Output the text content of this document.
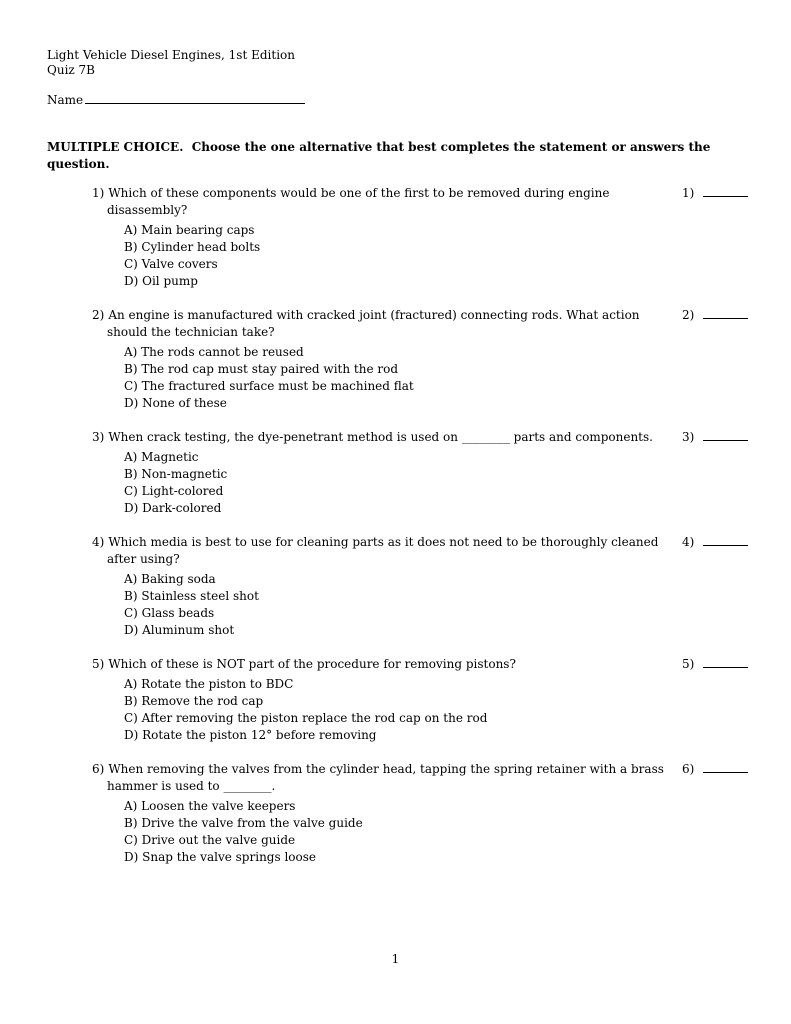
Light Vehicle Diesel Engines, 1st Edition
Quiz 7B
Name
MULTIPLE CHOICE.  Choose the one alternative that best completes the statement or answers the question.
1) Which of these components would be one of the first to be removed during engine disassembly?
A) Main bearing caps
B) Cylinder head bolts
C) Valve covers
D) Oil pump
1)
2) An engine is manufactured with cracked joint (fractured) connecting rods. What action should the technician take?
A) The rods cannot be reused
B) The rod cap must stay paired with the rod
C) The fractured surface must be machined flat
D) None of these
2)
3) When crack testing, the dye-penetrant method is used on ________ parts and components.
A) Magnetic
B) Non-magnetic
C) Light-colored
D) Dark-colored
3)
4) Which media is best to use for cleaning parts as it does not need to be thoroughly cleaned after using?
A) Baking soda
B) Stainless steel shot
C) Glass beads
D) Aluminum shot
4)
5) Which of these is NOT part of the procedure for removing pistons?
A) Rotate the piston to BDC
B) Remove the rod cap
C) After removing the piston replace the rod cap on the rod
D) Rotate the piston 12° before removing
5)
6) When removing the valves from the cylinder head, tapping the spring retainer with a brass hammer is used to ________.
A) Loosen the valve keepers
B) Drive the valve from the valve guide
C) Drive out the valve guide
D) Snap the valve springs loose
6)
1
